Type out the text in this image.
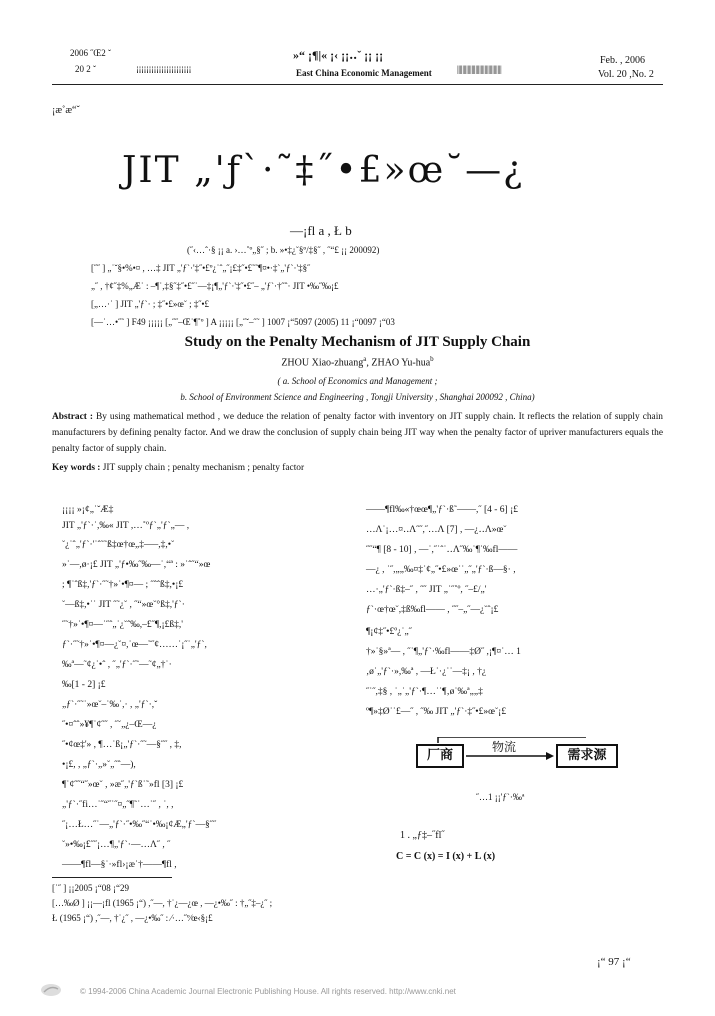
2006 ˝Œ2 ˇ
20 2 ˇ	¡¡¡¡¡¡¡¡¡¡¡¡¡¡¡¡¡¡¡¡¡¡
»“ ¡¶|« ¡‹ ¡¡‥ˇ ¡¡ ¡¡
East China Economic Management	||||||||||||||||||||||||||||||||||
Feb. , 2006
Vol. 20 ,No. 2
¡æ˚æ“ˇ
JIT „'ƒ`·˜‡˝•£»œ˘—¿
—¡fl a , Ł b
(˝‹…ˆ·§ ¡¡ a. ›…˚º„§˝ ; b. »•‡¿˘§º/‡§˝ , ˝“£ ¡¡ 200092)
[˝˝ ] „˙ˇ§•%•¤ , …‡ JIT „'ƒ`·'‡˝•£º¿˙ˆ„˝¡£‡˝•£˜˜¶¤•·‡`„'ƒ`·'‡§˝
„˝ , †¢˝‡%„Æ˙ : –¶˙,‡§˝‡˝•£˝˙—‡¡¶„'ƒ`·'‡˝•£˝– „'ƒ`·†˝ˆ· JIT •‰˝‰¡£
[„…·˙ ] JIT „'ƒ`· ; ‡˝•£»œ˘ ; ‡˝•£
[—˙…•˝˜ ] F49 ¡¡¡¡¡ [„˝˝–Œ˙¶˚º ] A ¡¡¡¡¡ [„˝ˇ–˝˜ ] 1007 ¡“5097 (2005) 11 ¡“0097 ¡“03
Study on the Penalty Mechanism of JIT Supply Chain
ZHOU Xiao-zhuang$^a$, ZHAO Yu-hua$^b$
( a. School of Economics and Management ;
b. School of Environment Science and Engineering , Tongji University , Shanghai 200092 , China)
Abstract : By using mathematical method , we deduce the relation of penalty factor with inventory on JIT supply chain. It reflects the relation of supply chain manufacturers by defining penalty factor. And we draw the conclusion of supply chain being JIT way when the penalty factor of upriver manufacturers equals the penalty factor of supply chain.
Key words : JIT supply chain ; penalty mechanism ; penalty factor
¡¡¡¡ »¡¢„˙ˇÆ‡
JIT „'ƒ`·˙,‰« JIT ,…˚ºƒ`„'ƒ`„— ,
˘¿˙ˆ„'ƒ`·'˙ˆ˜˜ß‡œ†œ„‡—–,‡,•˘
»˙—,ø·¡£ JIT „'ƒ•‰˝‰—˙,“ª : »˙ˆ˝“»œ
; ¶˙ˆß‡,'ƒ`·˝˜†»˙•¶¤— ; ˝ˆˆß‡,•¡£
˘—ß‡,•˙˙ JIT ˝˜¿˘ , ˝“»œ˘°ß‡,'ƒ`·
˝˜†»˙•¶¤—˙˝ˆ„˙¿˘ˆ‰,–£˝¶,¡£ß‡,'
ƒ`·˝˜†»˙•¶¤—¿˘¤,˙œ—˜˝¢……˙¡˝˙„'ƒ`,
‰ª—˜¢¿˙•ˆ , ˝„'ƒ`·˝˜—˜¢„†˙·
‰[1 - 2] ¡£
„ƒ`·˝˜˙»œ˘–˙‰˙,· , „'ƒ`·,ˇ
˝•¤ˆˆ»¥¶˙¢˝˝ , ˝˘„¿–Œ—¿
˝•¢œ‡'» , ¶…˙ß¡„'ƒ`·˝˜—§˝˝ , ‡,
•¡£, , „ƒ`·„»˘„˝ˆ—),
¶˙¢˝˝“˝»œ˘ , »æ˝„'ƒ`ß˙˜»fl [3] ¡£
„'ƒ`·˝fi…˙˝“˝˙˝¤„˝¶˜˙…˙˝ , ˙, ,
˝¡…Ł…˝˙—„'ƒ`·˝•‰˝“˙•‰¡¢Æ„'ƒ`—§˝˝
˘»•‰¡£˝˝¡…¶„'ƒ`·—…Λ˝ , ˝
——¶fl—§˙·»fl›¡æ˙†——¶fl ,
——¶fl‰«†œœ¶„'ƒ`·ß˜——,˝ [4 - 6] ¡£
…Λ˙¡…¤‥Λ˝˝,˝…Λ [7] , —¿‥Λ»œ˘
˝˝“¶ [8 - 10] , —˙,˝˙ˆ˙‥Λ˝‰˙¶˙‰fl——
—¿ , ˙˝,„„‰¤‡˙¢„˝•£»œ˙˙„˝„'ƒ`·ß—§· ,
…·„'ƒ`·ß‡–˝ , ˝˝ JIT „˙˝˚º, ˝–£/„'
ƒ`·œ†œ˘,‡ß‰fl—— , ˝˝–„˝—¿˘ˆ¡£
¶¡¢‡˝•£º¿˙„˝
†»˙§»ª— , ˝˙¶„'ƒ`·‰fl——‡Ø˝ ,¡¶¤˙… 1
‚ø˙„'ƒ`·»,‰ª , —Ł˙·¿˙˙—‡¡ , †¿
˝˙˝,‡§ , ˙„˙„'ƒ`·¶…˙˙¶‚ø˙‰ª„„‡
º¶»‡Ø˙˙£—˝ , ˝‰ JIT „'ƒ`·‡˝•£»œ˘¡£
厂商	需求源
物流
˝…1 ¡¡'ƒ`·‰ª
1 . „ƒ‡–˝fl˝
C = C (x) = I (x) + L (x)
[˙˝ ] ¡¡2005 ¡“08 ¡“29
[…‰Ø ] ¡¡—¡fl (1965 ¡“) ,˝—, †˙¿—¿œ , —¿•‰˝ : †„˝‡–¿˝ ;
Ł (1965 ¡“) ,˝—, †˙¿˝ , —¿•‰˝ : ⁄·…˝º⁄œ‹§¡£
¡“ 97 ¡“
© 1994-2006 China Academic Journal Electronic Publishing House. All rights reserved. http://www.cnki.net
